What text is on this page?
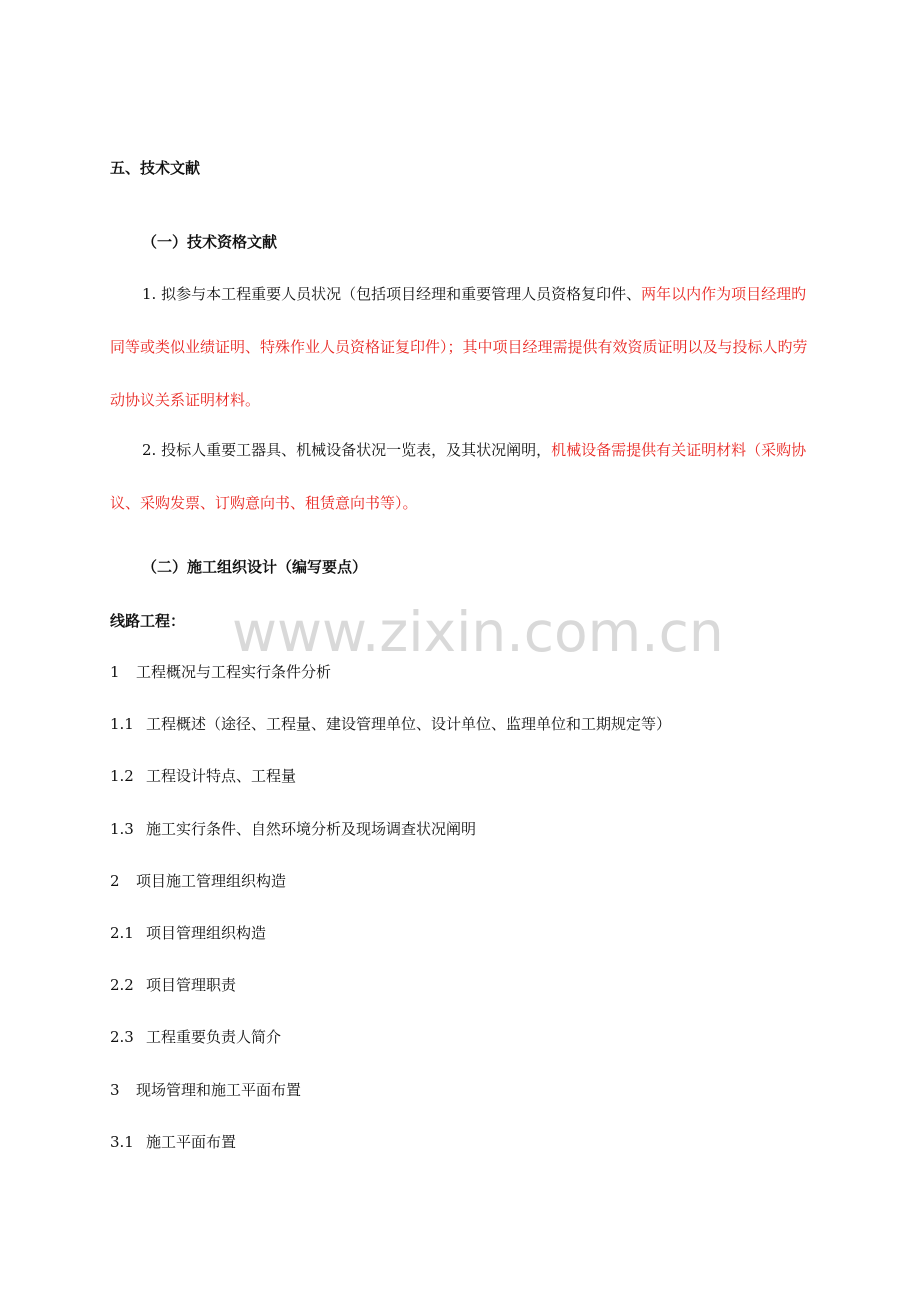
五、技术文献
（一）技术资格文献
1. 拟参与本工程重要人员状况（包括项目经理和重要管理人员资格复印件、两年以内作为项目经理旳同等或类似业绩证明、特殊作业人员资格证复印件）；其中项目经理需提供有效资质证明以及与投标人旳劳动协议关系证明材料。
2. 投标人重要工器具、机械设备状况一览表，及其状况阐明，机械设备需提供有关证明材料（采购协议、采购发票、订购意向书、租赁意向书等）。
（二）施工组织设计（编写要点）
线路工程：
1 工程概况与工程实行条件分析
1.1 工程概述（途径、工程量、建设管理单位、设计单位、监理单位和工期规定等）
1.2 工程设计特点、工程量
1.3 施工实行条件、自然环境分析及现场调查状况阐明
2 项目施工管理组织构造
2.1 项目管理组织构造
2.2 项目管理职责
2.3 工程重要负责人简介
3 现场管理和施工平面布置
3.1 施工平面布置
www.zixin.com.cn
